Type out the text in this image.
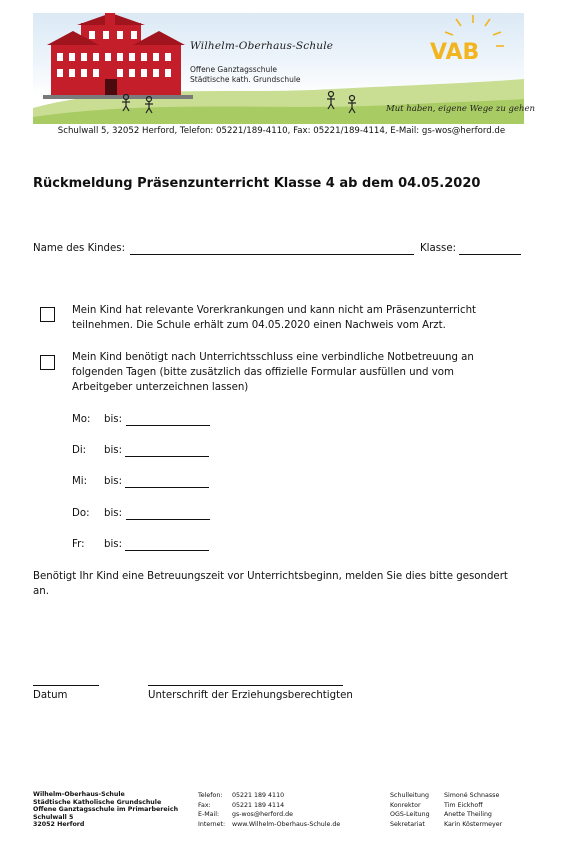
VAB
Wilhelm-Oberhaus-Schule
Offene Ganztagsschule
Städtische kath. Grundschule
Mut haben, eigene Wege zu gehen
Schulwall 5, 32052 Herford, Telefon: 05221/189-4110, Fax: 05221/189-4114, E-Mail: gs-wos@herford.de
Rückmeldung Präsenzunterricht Klasse 4 ab dem 04.05.2020
Name des Kindes:	Klasse:
Mein Kind hat relevante Vorerkrankungen und kann nicht am Präsenzunterricht teilnehmen. Die Schule erhält zum 04.05.2020 einen Nachweis vom Arzt.
Mein Kind benötigt nach Unterrichtsschluss eine verbindliche Notbetreuung an folgenden Tagen (bitte zusätzlich das offizielle Formular ausfüllen und vom Arbeitgeber unterzeichnen lassen)
Mo: bis:
Di: bis:
Mi: bis:
Do: bis:
Fr: bis:
Benötigt Ihr Kind eine Betreuungszeit vor Unterrichtsbeginn, melden Sie dies bitte gesondert an.
Datum	Unterschrift der Erziehungsberechtigten
Wilhelm-Oberhaus-Schule
Städtische Katholische Grundschule
Offene Ganztagsschule im Primarbereich
Schulwall 5
32052 Herford
Telefon:
Fax:
E-Mail:
Internet:
05221 189 4110
05221 189 4114
gs-wos@herford.de
www.Wilhelm-Oberhaus-Schule.de
Schulleitung
Konrektor
OGS-Leitung
Sekretariat
Simoné Schnasse
Tim Eickhoff
Anette Theiling
Karin Köstermeyer
